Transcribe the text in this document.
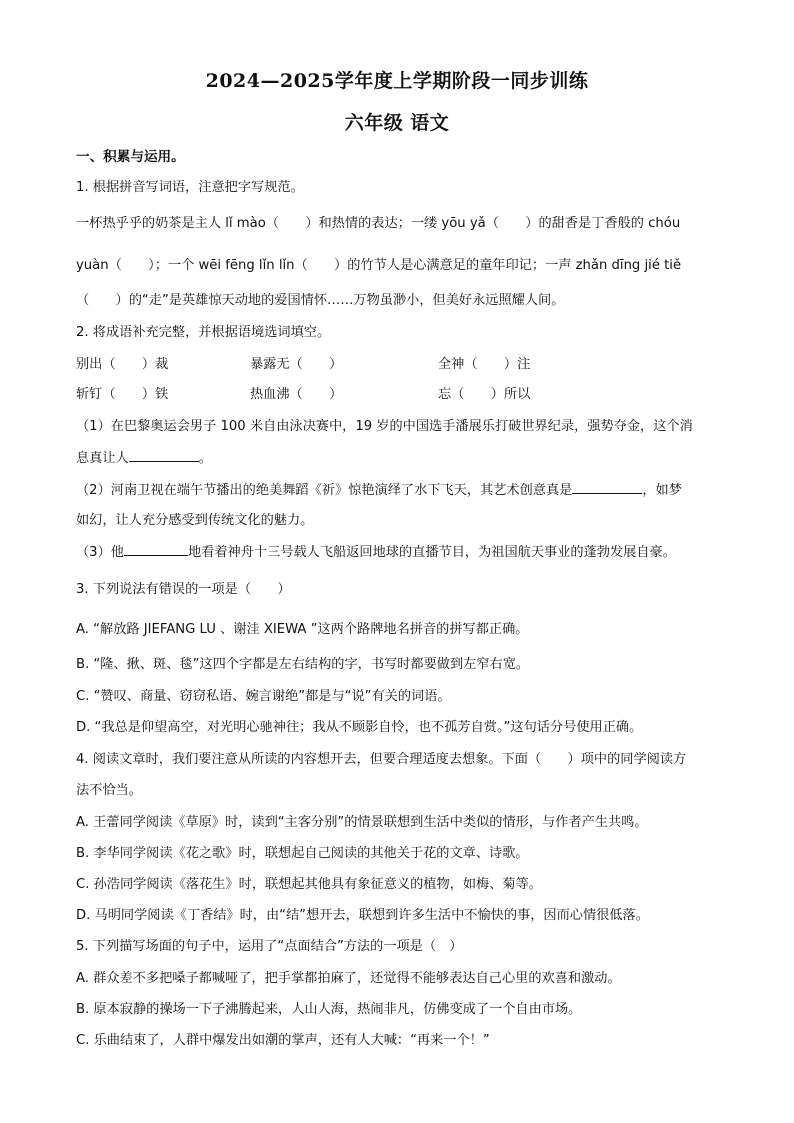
2024—2025学年度上学期阶段一同步训练
六年级 语文
一、积累与运用。
1. 根据拼音写词语，注意把字写规范。
一杯热乎乎的奶茶是主人 lǐ mào（　　）和热情的表达；一缕 yōu yǎ（　　）的甜香是丁香般的 chóu
yuàn（　　）；一个 wēi fēng lǐn lǐn（　　）的竹节人是心满意足的童年印记；一声 zhǎn dīng jié tiě
（　　）的“走”是英雄惊天动地的爱国情怀……万物虽渺小，但美好永远照耀人间。
2. 将成语补充完整，并根据语境选词填空。
别出（　　）裁	暴露无（　　）	全神（　　）注
斩钉（　　）铁	热血沸（　　）	忘（　　）所以
（1）在巴黎奥运会男子 100 米自由泳决赛中，19 岁的中国选手潘展乐打破世界纪录，强势夺金，这个消
息真让人	。
（2）河南卫视在端午节播出的绝美舞蹈《祈》惊艳演绎了水下飞天，其艺术创意真是	，如梦
如幻，让人充分感受到传统文化的魅力。
（3）他	地看着神舟十三号载人飞船返回地球的直播节目，为祖国航天事业的蓬勃发展自豪。
3. 下列说法有错误的一项是（　　）
A. “解放路 JIEFANG LU 、谢洼 XIEWA ”这两个路牌地名拼音的拼写都正确。
B. “隆、揪、斑、毯”这四个字都是左右结构的字，书写时都要做到左窄右宽。
C. “赞叹、商量、窃窃私语、婉言谢绝”都是与“说”有关的词语。
D. “我总是仰望高空，对光明心驰神往；我从不顾影自怜，也不孤芳自赏。”这句话分号使用正确。
4. 阅读文章时，我们要注意从所读的内容想开去，但要合理适度去想象。下面（　　）项中的同学阅读方
法不恰当。
A. 王蕾同学阅读《草原》时，读到“主客分别”的情景联想到生活中类似的情形，与作者产生共鸣。
B. 李华同学阅读《花之歌》时，联想起自己阅读的其他关于花的文章、诗歌。
C. 孙浩同学阅读《落花生》时，联想起其他具有象征意义的植物，如梅、菊等。
D. 马明同学阅读《丁香结》时，由“结”想开去，联想到许多生活中不愉快的事，因而心情很低落。
5. 下列描写场面的句子中，运用了“点面结合”方法的一项是（　）
A. 群众差不多把嗓子都喊哑了，把手掌都拍麻了，还觉得不能够表达自己心里的欢喜和激动。
B. 原本寂静的操场一下子沸腾起来，人山人海，热闹非凡，仿佛变成了一个自由市场。
C. 乐曲结束了，人群中爆发出如潮的掌声，还有人大喊：“再来一个！”
